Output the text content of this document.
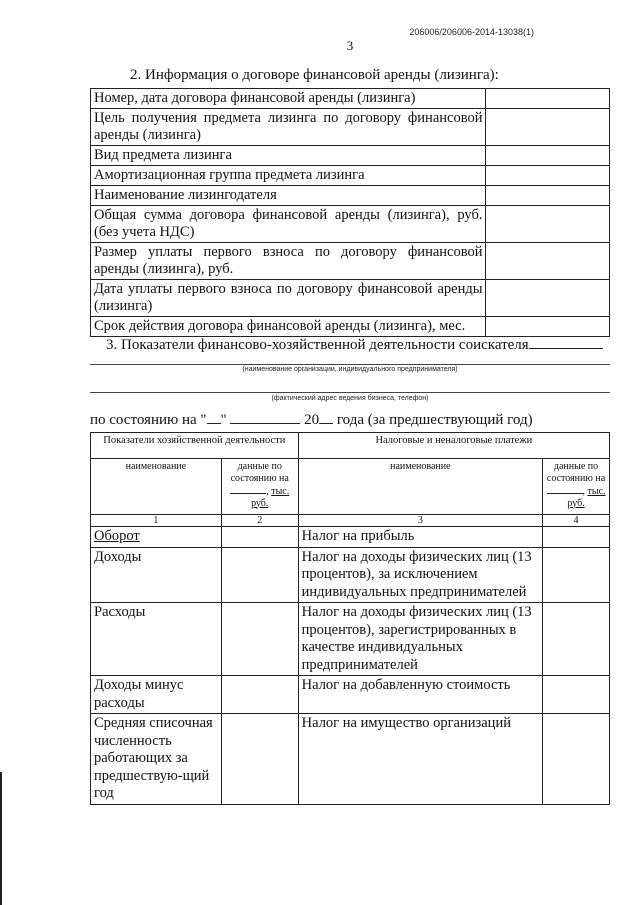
206006/206006-2014-13038(1)
3
2. Информация о договоре финансовой аренды (лизинга):
Номер, дата договора финансовой аренды (лизинга)	
Цель получения предмета лизинга по договору финансовой аренды (лизинга)	
Вид предмета лизинга	
Амортизационная группа предмета лизинга	
Наименование лизингодателя	
Общая сумма договора финансовой аренды (лизинга), руб. (без учета НДС)	
Размер уплаты первого взноса по договору финансовой аренды (лизинга), руб.	
Дата уплаты первого взноса по договору финансовой аренды (лизинга)	
Срок действия договора финансовой аренды (лизинга), мес.	
3. Показатели финансово-хозяйственной деятельности соискателя
(наименование организации, индивидуального предпринимателя)
(фактический адрес ведения бизнеса, телефон)
по состоянию на " "	20 года (за предшествующий год)
Показатели хозяйственной деятельности		Налоговые и неналоговые платежи	
наименование	данные по состоянию на , тыс. руб.	наименование	данные по состоянию на , тыс. руб.
1	2	3	4
Оборот		Налог на прибыль	
Доходы		Налог на доходы физических лиц (13 процентов), за исключением индивидуальных предпринимателей	
Расходы		Налог на доходы физических лиц (13 процентов), зарегистрированных в качестве индивидуальных предпринимателей	
Доходы минус расходы		Налог на добавленную стоимость	
Средняя списочная численность работающих за предшествую-щий год		Налог на имущество организаций	
